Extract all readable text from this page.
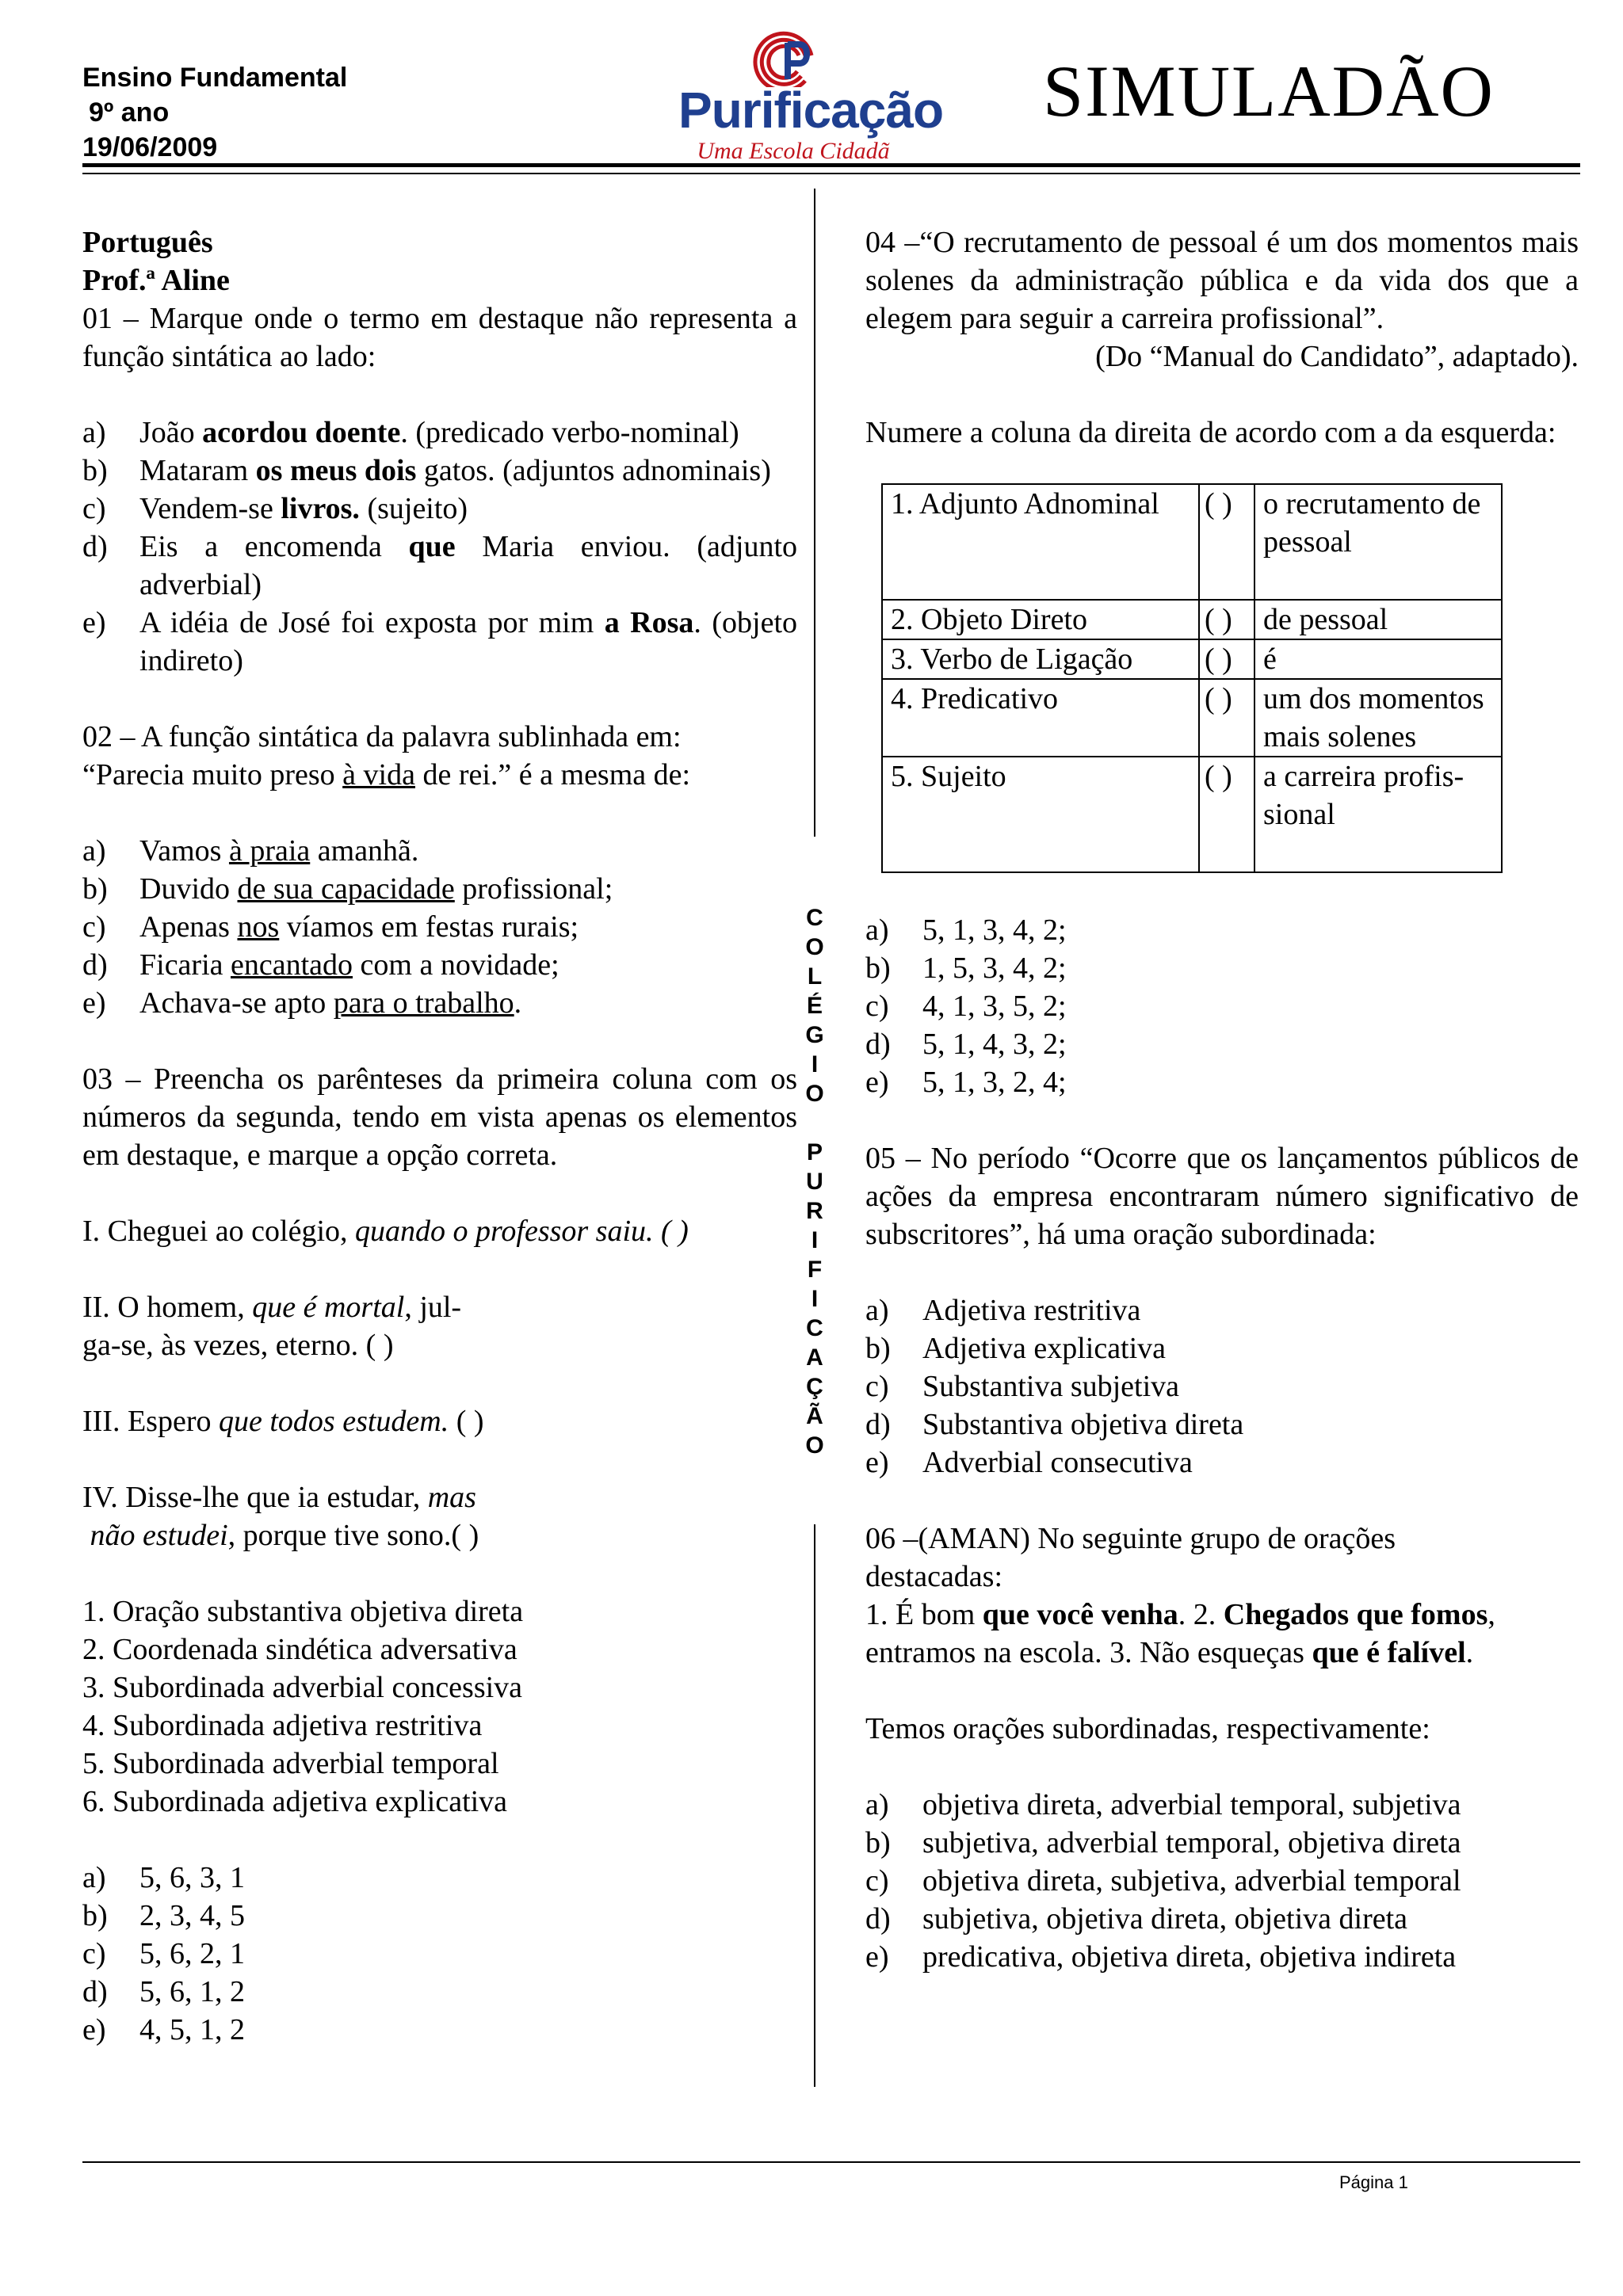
Ensino Fundamental
9º ano
19/06/2009
Purificação
Uma Escola Cidadã
SIMULADÃO
C
O
L
É
G
I
O

P
U
R
I
F
I
C
A
Ç
Ã
O

Português

Prof.ª Aline

01 – Marque onde o termo em destaque não representa a função sintática ao lado:

a)	João acordou doente. (predicado verbo-nominal)
b)	Mataram os meus dois gatos. (adjuntos adnominais)
c)	Vendem-se livros. (sujeito)
d)	Eis a encomenda que Maria enviou. (adjunto adverbial)
e)	A idéia de José foi exposta por mim a Rosa. (objeto indireto)

02 – A função sintática da palavra sublinhada em:

“Parecia muito preso à vida de rei.” é a mesma de:

a)	Vamos à praia amanhã.
b)	Duvido de sua capacidade profissional;
c)	Apenas nos víamos em festas rurais;
d)	Ficaria encantado com a novidade;
e)	Achava-se apto para o trabalho.

03 – Preencha os parênteses da primeira coluna com os números da segunda, tendo em vista apenas os elementos em destaque, e marque a opção correta.

I. Cheguei ao colégio, quando o professor saiu. ( )

II. O homem, que é mortal, jul-

ga-se, às vezes, eterno. ( )

III. Espero que todos estudem. ( )

IV. Disse-lhe que ia estudar, mas

não estudei, porque tive sono.( )

1. Oração substantiva objetiva direta

2. Coordenada sindética adversativa

3. Subordinada adverbial concessiva

4. Subordinada adjetiva restritiva

5. Subordinada adverbial temporal

6. Subordinada adjetiva explicativa

a)	5, 6, 3, 1
b)	2, 3, 4, 5
c)	5, 6, 2, 1
d)	5, 6, 1, 2
e)	4, 5, 1, 2

04 –“O recrutamento de pessoal é um dos momentos mais solenes da administração pública e da vida dos que a elegem para seguir a carreira profissional”.

(Do “Manual do Candidato”, adaptado).

Numere a coluna da direita de acordo com a da esquerda:

1. Adjunto Adnominal	( )	o recrutamento de pessoal
2. Objeto Direto	( )	de pessoal
3. Verbo de Ligação	( )	é
4. Predicativo	( )	um dos momentos mais solenes
5. Sujeito	( )	a carreira profis-sional
a)	5, 1, 3, 4, 2;
b)	1, 5, 3, 4, 2;
c)	4, 1, 3, 5, 2;
d)	5, 1, 4, 3, 2;
e)	5, 1, 3, 2, 4;

05 – No período “Ocorre que os lançamentos públicos de ações da empresa encontraram número significativo de subscritores”, há uma oração subordinada:

a)	Adjetiva restritiva
b)	Adjetiva explicativa
c)	Substantiva subjetiva
d)	Substantiva objetiva direta
e)	Adverbial consecutiva

06 –(AMAN) No seguinte grupo de orações destacadas:

1. É bom que você venha. 2. Chegados que fomos, entramos na escola. 3. Não esqueças que é falível.

Temos orações subordinadas, respectivamente:

a)	objetiva direta, adverbial temporal, subjetiva
b)	subjetiva, adverbial temporal, objetiva direta
c)	objetiva direta, subjetiva, adverbial temporal
d)	subjetiva, objetiva direta, objetiva direta
e)	predicativa, objetiva direta, objetiva indireta
Página 1
